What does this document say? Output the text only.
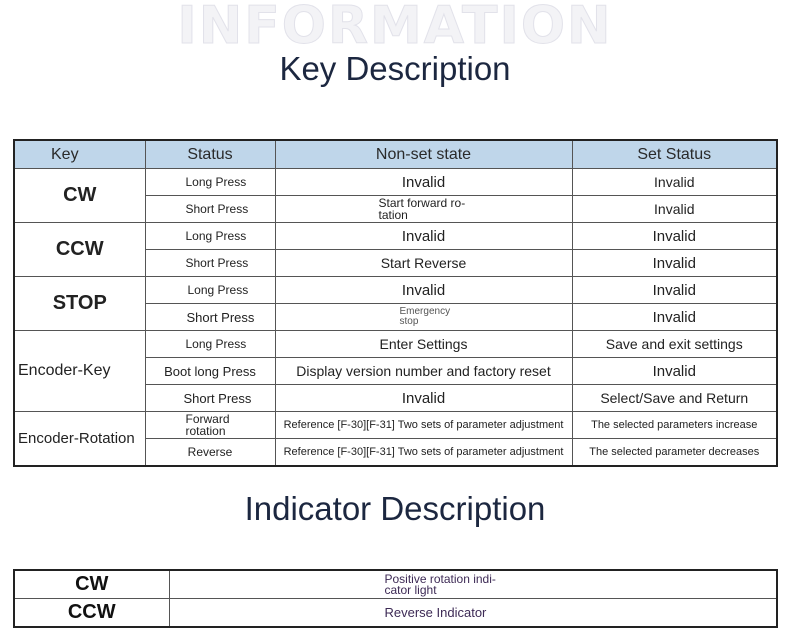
INFORMATION
Key Description
Key	Status	Non-set state	Set Status
CW	Long Press	Invalid	Invalid
	Short Press	Start forward ro- tation	Invalid
CCW	Long Press	Invalid	Invalid
	Short Press	Start Reverse	Invalid
STOP	Long Press	Invalid	Invalid
	Short Press	Emergency stop	Invalid
Encoder-Key	Long Press	Enter Settings	Save and exit settings
	Boot long Press	Display version number and factory reset	Invalid
	Short Press	Invalid	Select/Save and Return
Encoder-Rotation	Forward rotation	Reference [F-30][F-31] Two sets of parameter adjustment	The selected parameters increase
	Reverse	Reference [F-30][F-31] Two sets of parameter adjustment	The selected parameter decreases
Indicator Description
CW	Positive rotation indi- cator light
CCW	Reverse Indicator
